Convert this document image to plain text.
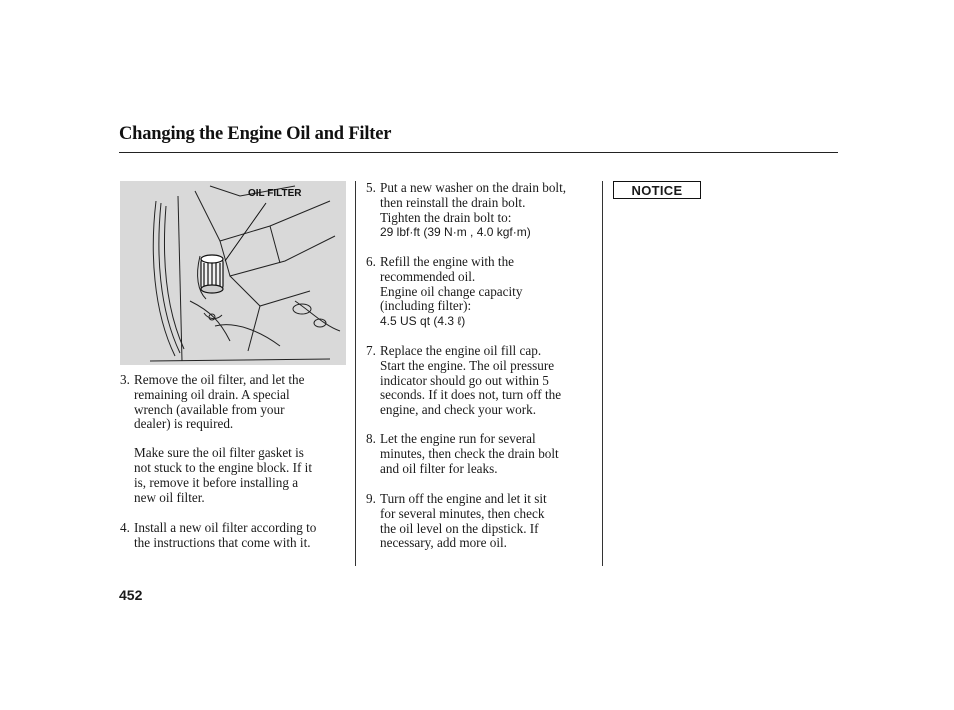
Changing the Engine Oil and Filter
OIL FILTER
3. Remove the oil filter, and let the

remaining oil drain. A special

wrench (available from your

dealer) is required.

Make sure the oil filter gasket is

not stuck to the engine block. If it

is, remove it before installing a

new oil filter.

4. Install a new oil filter according to

the instructions that come with it.

5. Put a new washer on the drain bolt,

then reinstall the drain bolt.

Tighten the drain bolt to:

29 lbf·ft (39 N·m , 4.0 kgf·m)

6. Refill the engine with the

recommended oil.

Engine oil change capacity

(including filter):

4.5 US qt (4.3 ℓ)

7. Replace the engine oil fill cap.

Start the engine. The oil pressure

indicator should go out within 5

seconds. If it does not, turn off the

engine, and check your work.

8. Let the engine run for several

minutes, then check the drain bolt

and oil filter for leaks.

9. Turn off the engine and let it sit

for several minutes, then check

the oil level on the dipstick. If

necessary, add more oil.

NOTICE
452
